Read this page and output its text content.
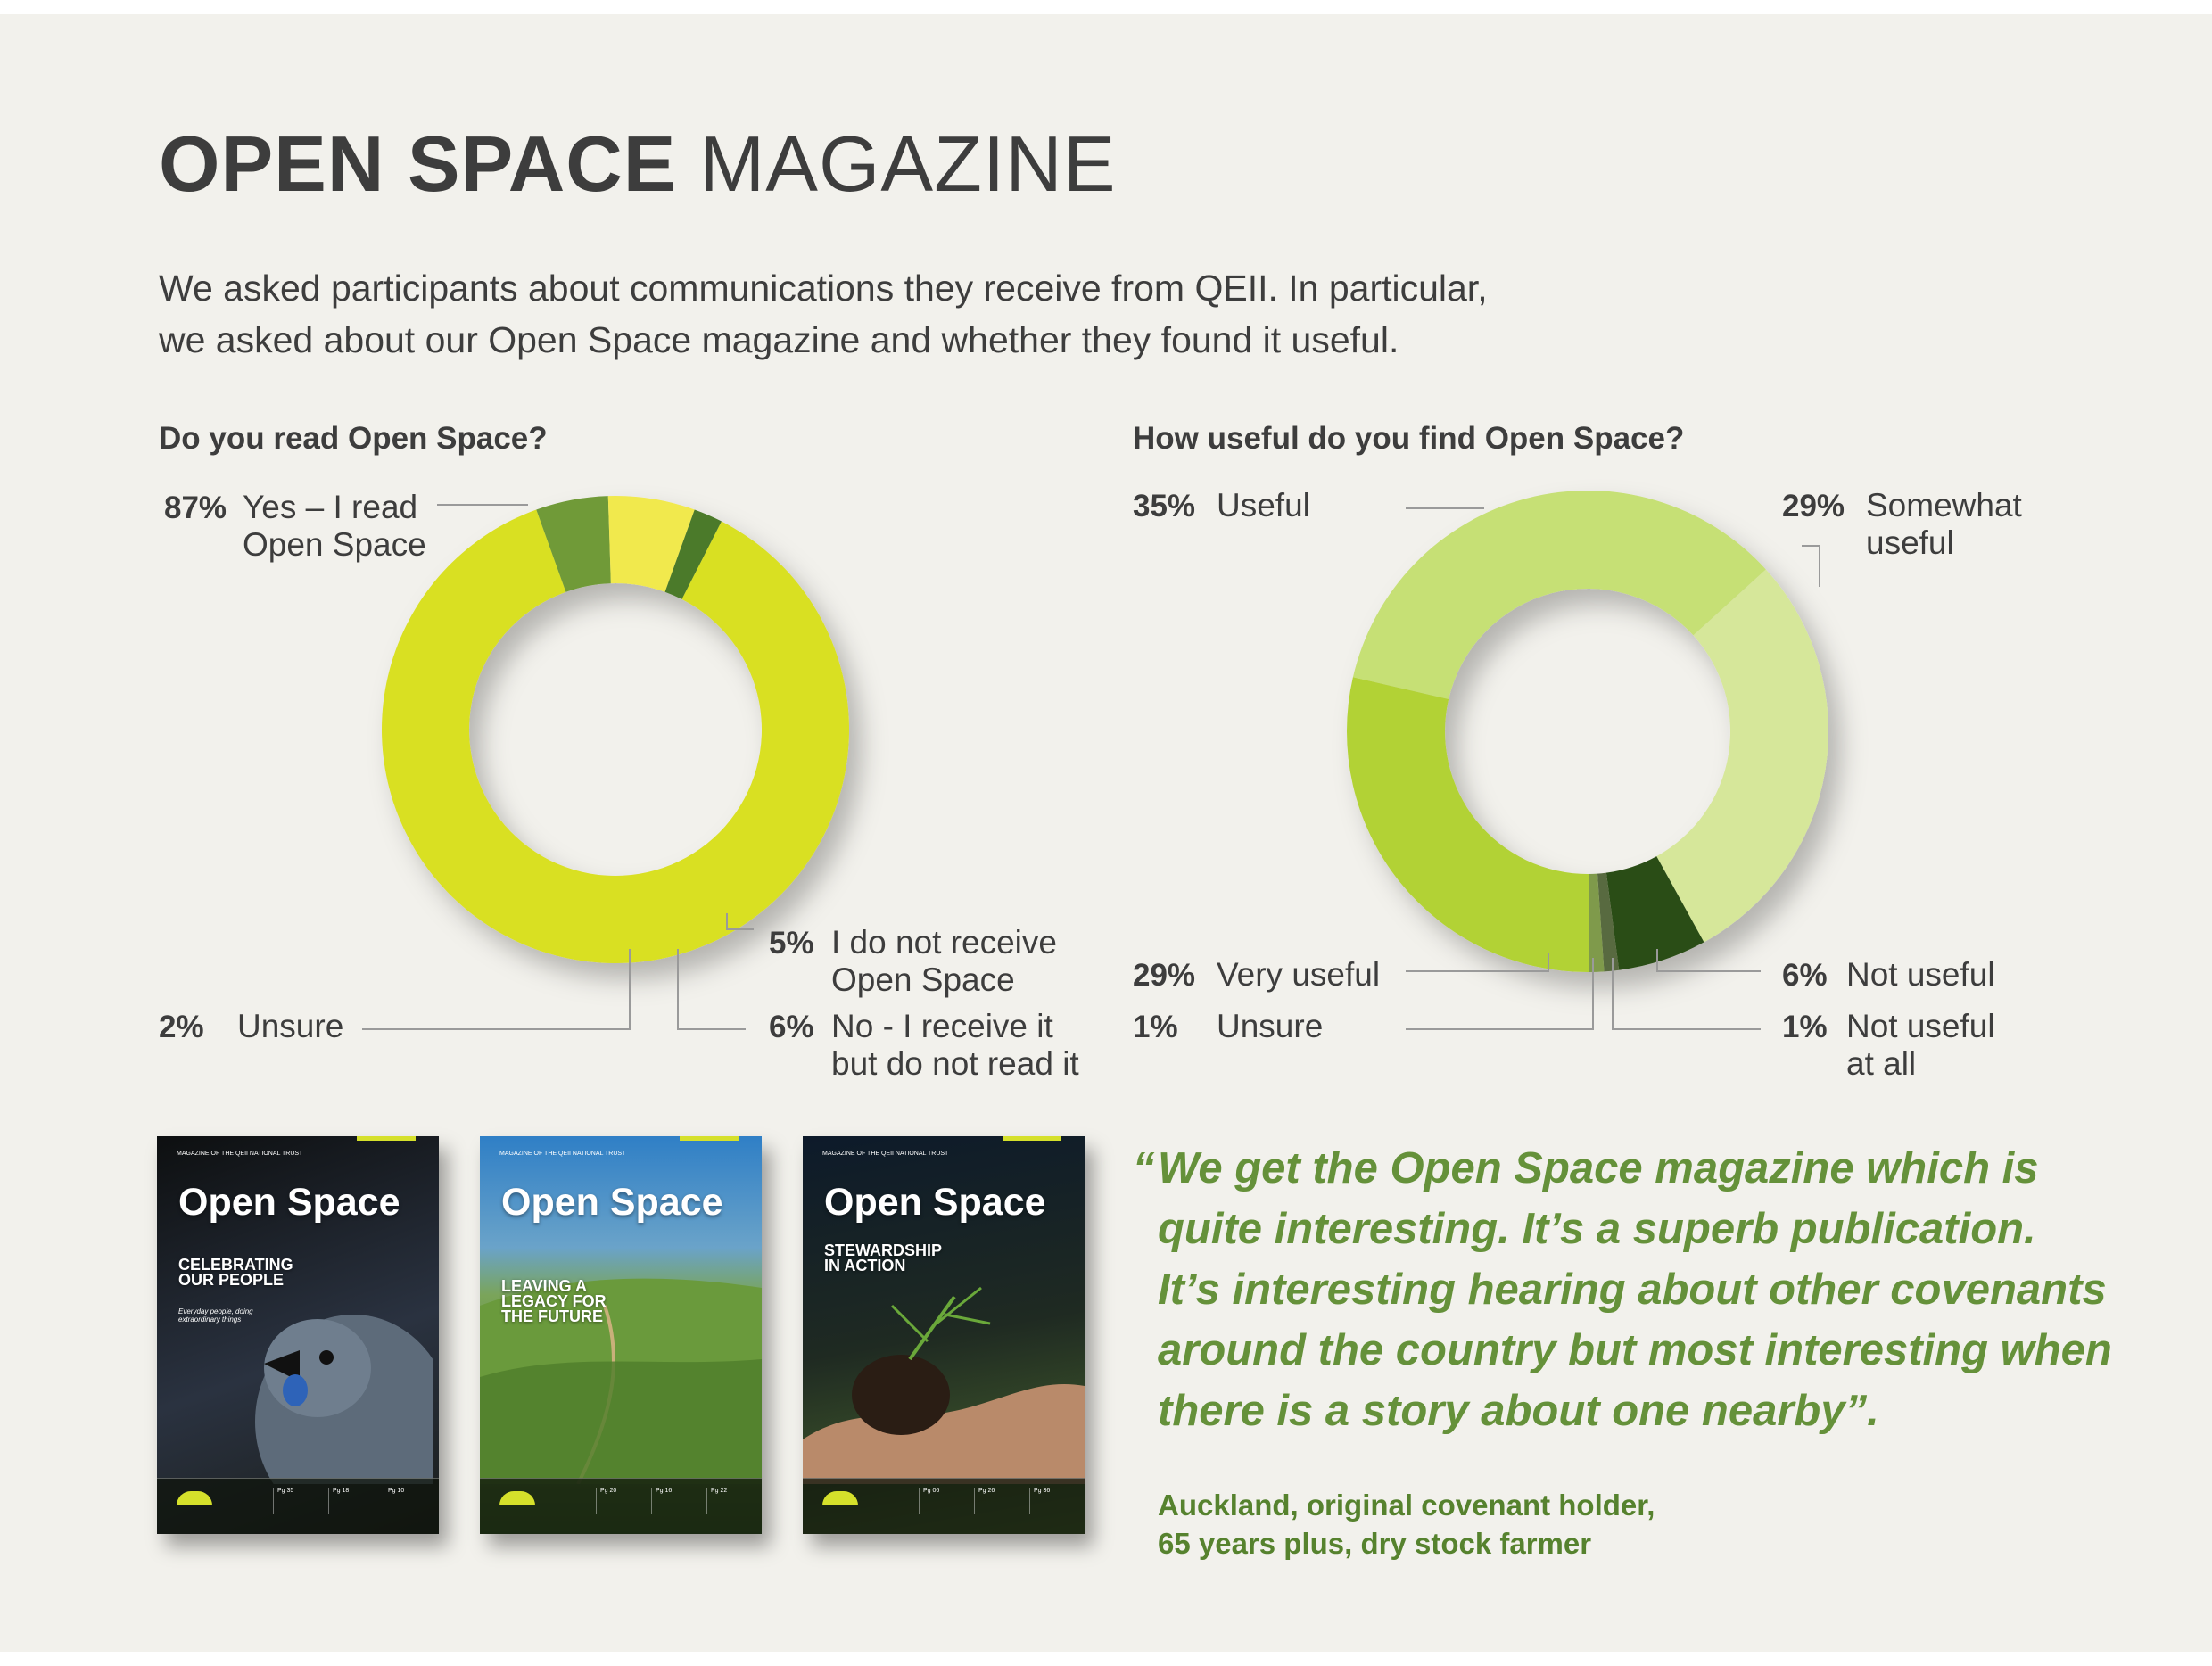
OPEN SPACE MAGAZINE
We asked participants about communications they receive from QEII. In particular,
we asked about our Open Space magazine and whether they found it useful.
Do you read Open Space?	How useful do you find Open Space?
87% Yes – I read
Open Space
5% I do not receive
Open Space
6% No - I receive it
but do not read it
2% Unsure
35% Useful	29% Somewhat
useful
29% Very useful
1% Unsure
6% Not useful
1% Not useful
at all
MAGAZINE OF THE QEII NATIONAL TRUST
Open Space
CELEBRATING
OUR PEOPLE
Everyday people, doing extraordinary things
Pg 35	Pg 18	Pg 10
MAGAZINE OF THE QEII NATIONAL TRUST
Open Space
LEAVING A
LEGACY FOR
THE FUTURE
Pg 20	Pg 16	Pg 22
MAGAZINE OF THE QEII NATIONAL TRUST
Open Space
STEWARDSHIP
IN ACTION
Pg 06	Pg 26	Pg 36
“ We get the Open Space magazine which is
quite interesting. It’s a superb publication.
It’s interesting hearing about other covenants
around the country but most interesting when
there is a story about one nearby”.
Auckland, original covenant holder,
65 years plus, dry stock farmer
